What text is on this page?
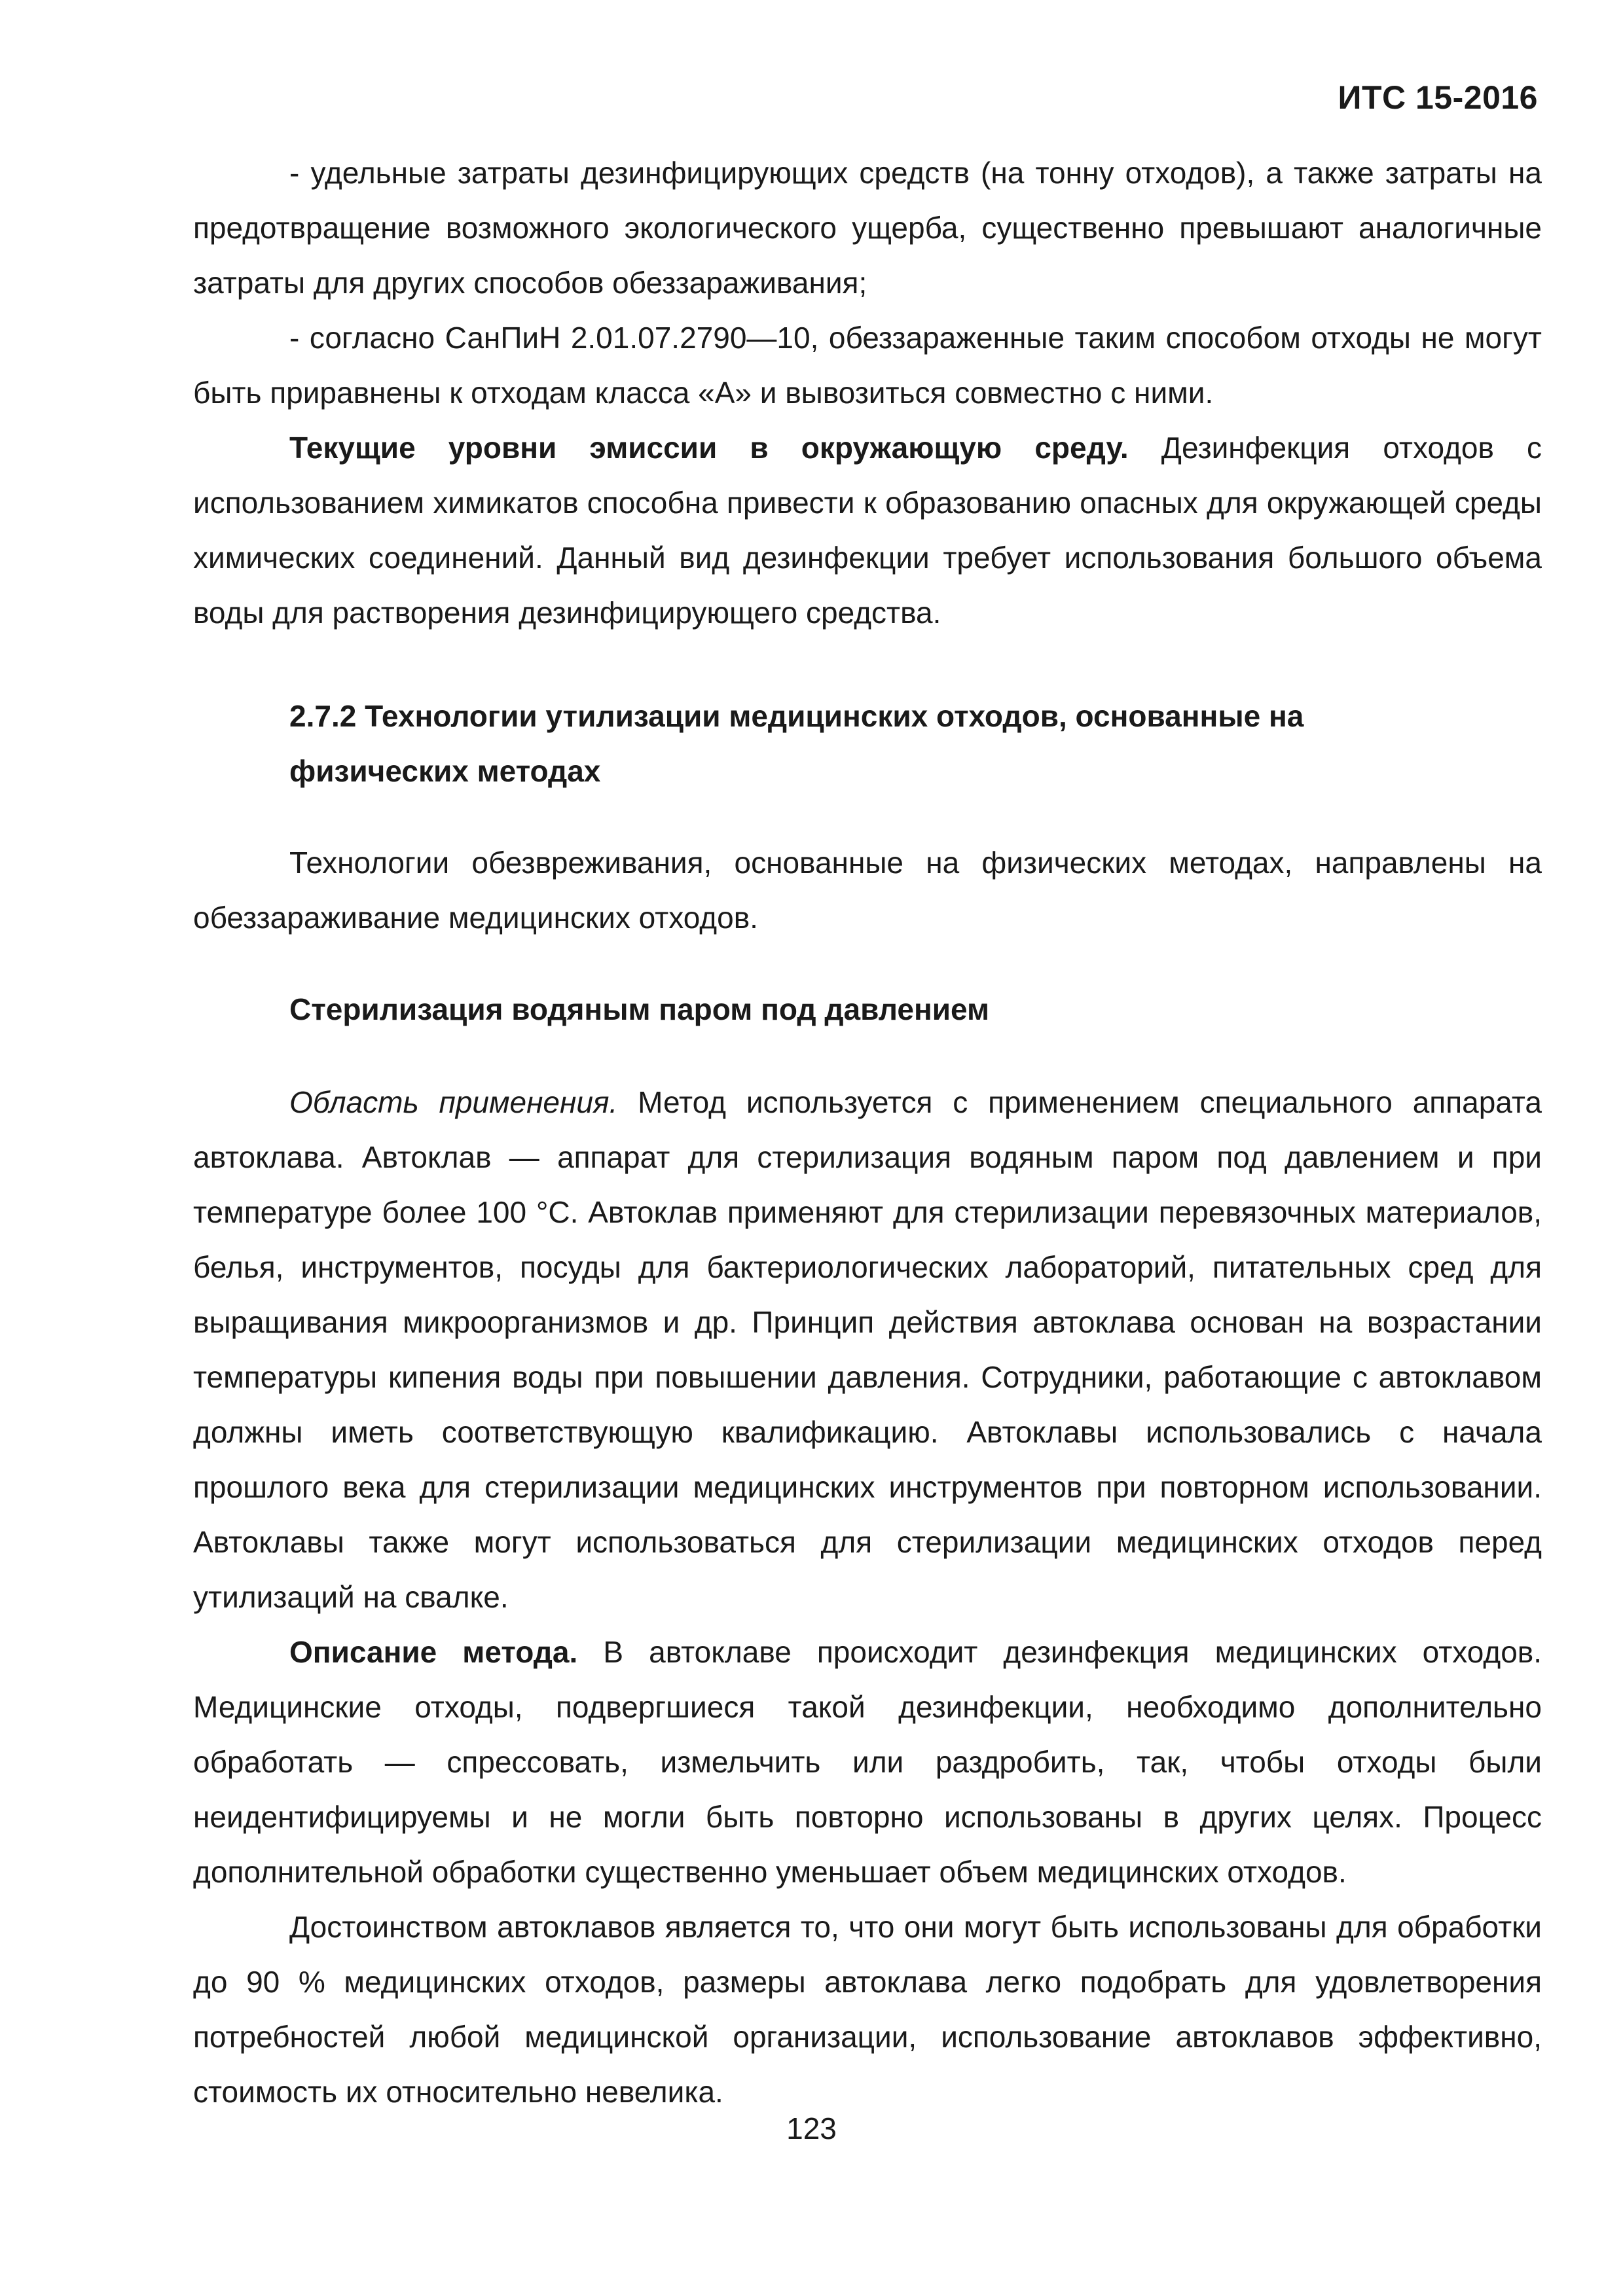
ИТС 15-2016

- удельные затраты дезинфицирующих средств (на тонну отходов), а также затраты на предотвращение возможного экологического ущерба, существенно превышают аналогичные затраты для других способов обеззараживания;

- согласно СанПиН 2.01.07.2790—10, обеззараженные таким способом отходы не могут быть приравнены к отходам класса «А» и вывозиться совместно с ними.

Текущие уровни эмиссии в окружающую среду. Дезинфекция отходов с использованием химикатов способна привести к образованию опасных для окружающей среды химических соединений. Данный вид дезинфекции требует использования большого объема воды для растворения дезинфицирующего средства.

2.7.2 Технологии утилизации медицинских отходов, основанные на

физических методах

Технологии обезвреживания, основанные на физических методах, направлены на обеззараживание медицинских отходов.

Стерилизация водяным паром под давлением

Область применения. Метод используется с применением специального аппарата автоклава. Автоклав — аппарат для стерилизация водяным паром под давлением и при температуре более 100 °С. Автоклав применяют для стерилизации перевязочных материалов, белья, инструментов, посуды для бактериологических лабораторий, питательных сред для выращивания микроорганизмов и др. Принцип действия автоклава основан на возрастании температуры кипения воды при повышении давления. Сотрудники, работающие с автоклавом должны иметь соответствующую квалификацию. Автоклавы использовались с начала прошлого века для стерилизации медицинских инструментов при повторном использовании. Автоклавы также могут использоваться для стерилизации медицинских отходов перед утилизаций на свалке.

Описание метода. В автоклаве происходит дезинфекция медицинских отходов. Медицинские отходы, подвергшиеся такой дезинфекции, необходимо дополнительно обработать — спрессовать, измельчить или раздробить, так, чтобы отходы были неидентифицируемы и не могли быть повторно использованы в других целях. Процесс дополнительной обработки существенно уменьшает объем медицинских отходов.

Достоинством автоклавов является то, что они могут быть использованы для обработки до 90 % медицинских отходов, размеры автоклава легко подобрать для удовлетворения потребностей любой медицинской организации, использование автоклавов эффективно, стоимость их относительно невелика.

123
